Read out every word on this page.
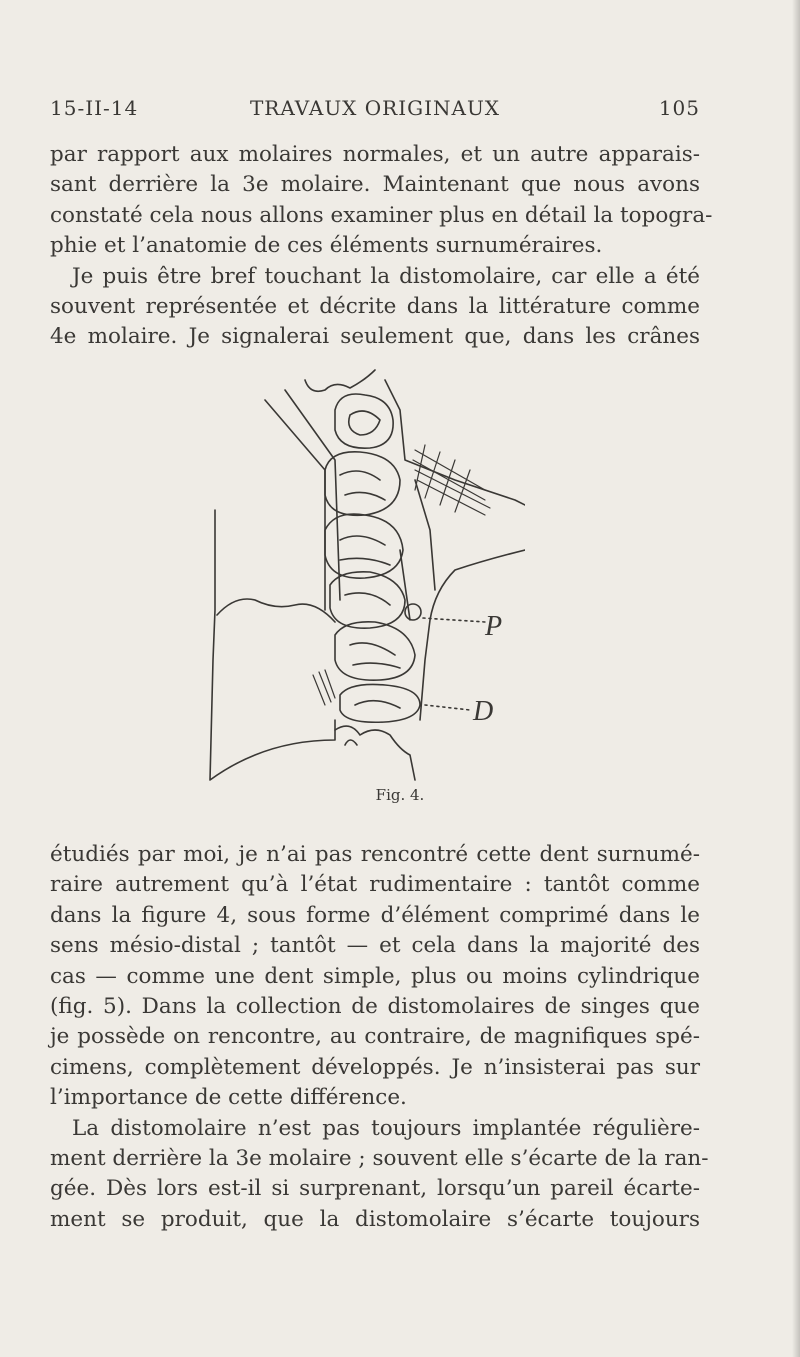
TRAVAUX ORIGINAUX
15-II-14	105

par rapport aux molaires normales, et un autre apparais-
sant derrière la 3e molaire. Maintenant que nous avons
constaté cela nous allons examiner plus en détail la topogra-
phie et l’anatomie de ces éléments surnuméraires.

Je puis être bref touchant la distomolaire, car elle a été
souvent représentée et décrite dans la littérature comme
4e molaire. Je signalerai seulement que, dans les crânes

P
D
Fig. 4.

étudiés par moi, je n’ai pas rencontré cette dent surnumé-
raire autrement qu’à l’état rudimentaire : tantôt comme
dans la figure 4, sous forme d’élément comprimé dans le
sens mésio-distal ; tantôt — et cela dans la majorité des
cas — comme une dent simple, plus ou moins cylindrique
(fig. 5). Dans la collection de distomolaires de singes que
je possède on rencontre, au contraire, de magnifiques spé-
cimens, complètement développés. Je n’insisterai pas sur
l’importance de cette différence.

La distomolaire n’est pas toujours implantée régulière-
ment derrière la 3e molaire ; souvent elle s’écarte de la ran-
gée. Dès lors est-il si surprenant, lorsqu’un pareil écarte-
ment se produit, que la distomolaire s’écarte toujours
